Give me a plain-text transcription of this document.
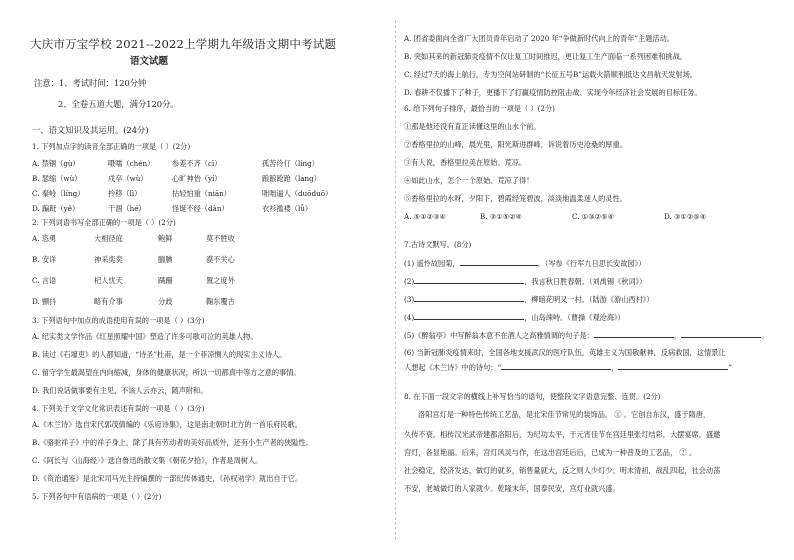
大庆市万宝学校 2021--2022上学期九年级语文期中考试题
语文试题
注意：1、考试时间：120分钟
2、全卷五道大题，满分120分。
一、语文知识及其运用。(24分)
1. 下列加点字的读音全部正确的一项是（ ）(2分)
A. 禁锢（gù）	嗫嚅（chén） 参差不齐（cī）	孤苦伶仃（líng）
B. 瑟缩（wù）	戍卒（wù）	心旷神怡（yí）	踉踉跄跄（lang）
C. 秦岭（líng）	拎移（lì）	拈轻怕重（niān）	咄咄逼人（duōduō）
D. 蹁跹（yě）	干涸（hé）	怪诞不经（dàn）	衣衫褴褛（lǚ）
2. 下列词语书写全部正确的一项是（ ）(2分)
A. 恣勇	大相径庭	鲍鲜	莫不胜收
B. 安详	神采奕奕	腼腆	漠不关心
C. 言语	杞人忧天	蹒跚	置之度外
D. 颤抖	略有介事	分歧	鞠东覆古
3. 下列语句中加点的成语使用有误的一项是（ ）(3分)
A. 纪实类文学作品《红星照耀中国》塑造了许多可歌可泣的英雄人物。
B. 读过《石壕吏》的人都知道，“诗圣”杜甫，是一个菲凉恻人的现实主义诗人。
C. 留守学生最渴望在内向缩减，身体的健康状况，所以一切都真中等方之意的事情。
D. 我们说话做事要有主见，不该人云亦云，随声附和。
4. 下列关于文学文化常识表述有误的一项是（ ）(3分)
A.《木兰诗》选自宋代郭茂倩编的《乐府诗集》，这是南北朝时北方的一首乐府民歌。
B.《骆驼祥子》中的祥子身上，除了具有劳动者的美好品质外，还有小生产者的狭隘性。
C.《阿长与〈山海经〉》选自鲁迅的散文集《朝花夕拾》，作者是周树人。
D.《资治通鉴》是北宋司马光主持编撰的一部纪传体通史，《孙权劝学》就出自于它。
5. 下列各句中有语病的一项是（ ）(2分)
A. 团省委面向全省广大团员青年启动了 2020 年“争做新时代向上的青年”主题活动。
B. 突如其来的新冠肺炎疫情不仅让复工时间推迟，更让复工生产面临一系列困难和挑战。
C. 经过7天的海上航行，专为空间站研制的“长征五号B”运载火箭顺利抵达文昌航天发射场。
D. 春耕不仅播下了种子，更播下了打赢疫情防控阻击战、实现今年经济社会发展的目标任务。
6. 给下列句子排序，最恰当的一项是（ ）(2分)
①那是他还没有直正读懂这里的山水个前。
②香格里拉的山峰，晨光里，阳光斯进群峰，诉说着历史沧桑的厚重。
③有人说，香格里拉美在原始、荒凉。
④如此山水，怎个一个原始、荒凉了得！
⑤香格里拉的水呀，夕阳下，碧霞经笼碧波，淡淡地温柔迷人的灵性。
A. ⑤①②③④	B. ③①⑤②④	C. ①③②⑤④	D. ③①②⑤④
7.古诗文默写。(8分)
(1) 遥怜故园菊，	。（岑参《行军九日思长安故园》）
(2)	，我言秋日胜春朝。（刘禹锡《秋词》）
(3)	，柳暗花明又一村。（陆游《游山西村》）
(4)	，山岛竦峙。（曹操《观沧海》）
(5)《醉翁亭》中写醉翁本意不在酒人之高雅情调的句子是：	，	。
(6) 当新冠肺炎疫情来时，全国各地支援武汉的医疗队伍，英雄主义为国敬献神，反病救国，这情景让
人想起《木兰诗》中的诗句：“	，	”
8. 在下面一段文字的横线上补写恰当的语句，使整段文字语意完整、连贯。(2分)
洛阳宫灯是一种特色传统工艺品，是北宋佳节常见的装饰品。 ① 。它创自东汉，盛于隋唐，
久传不衰。相传汉光武帝建都洛阳后，为纪功太平，于元宵佳节在宫廷里张灯结彩，大摆宴席，盛邀
宫灯，各显艳丽。后来，宫灯风灵与作，在这出宫廷后后，已成为一种普及的工艺品， ② 。
社会稳定，经济发达，做灯的就多，销售量就大，反之则人少灯少。明末清初，战乱四起，社会动荡
不安，老城做灯的人家就少。乾隆末年，国泰民安，宫灯业就兴盛。
